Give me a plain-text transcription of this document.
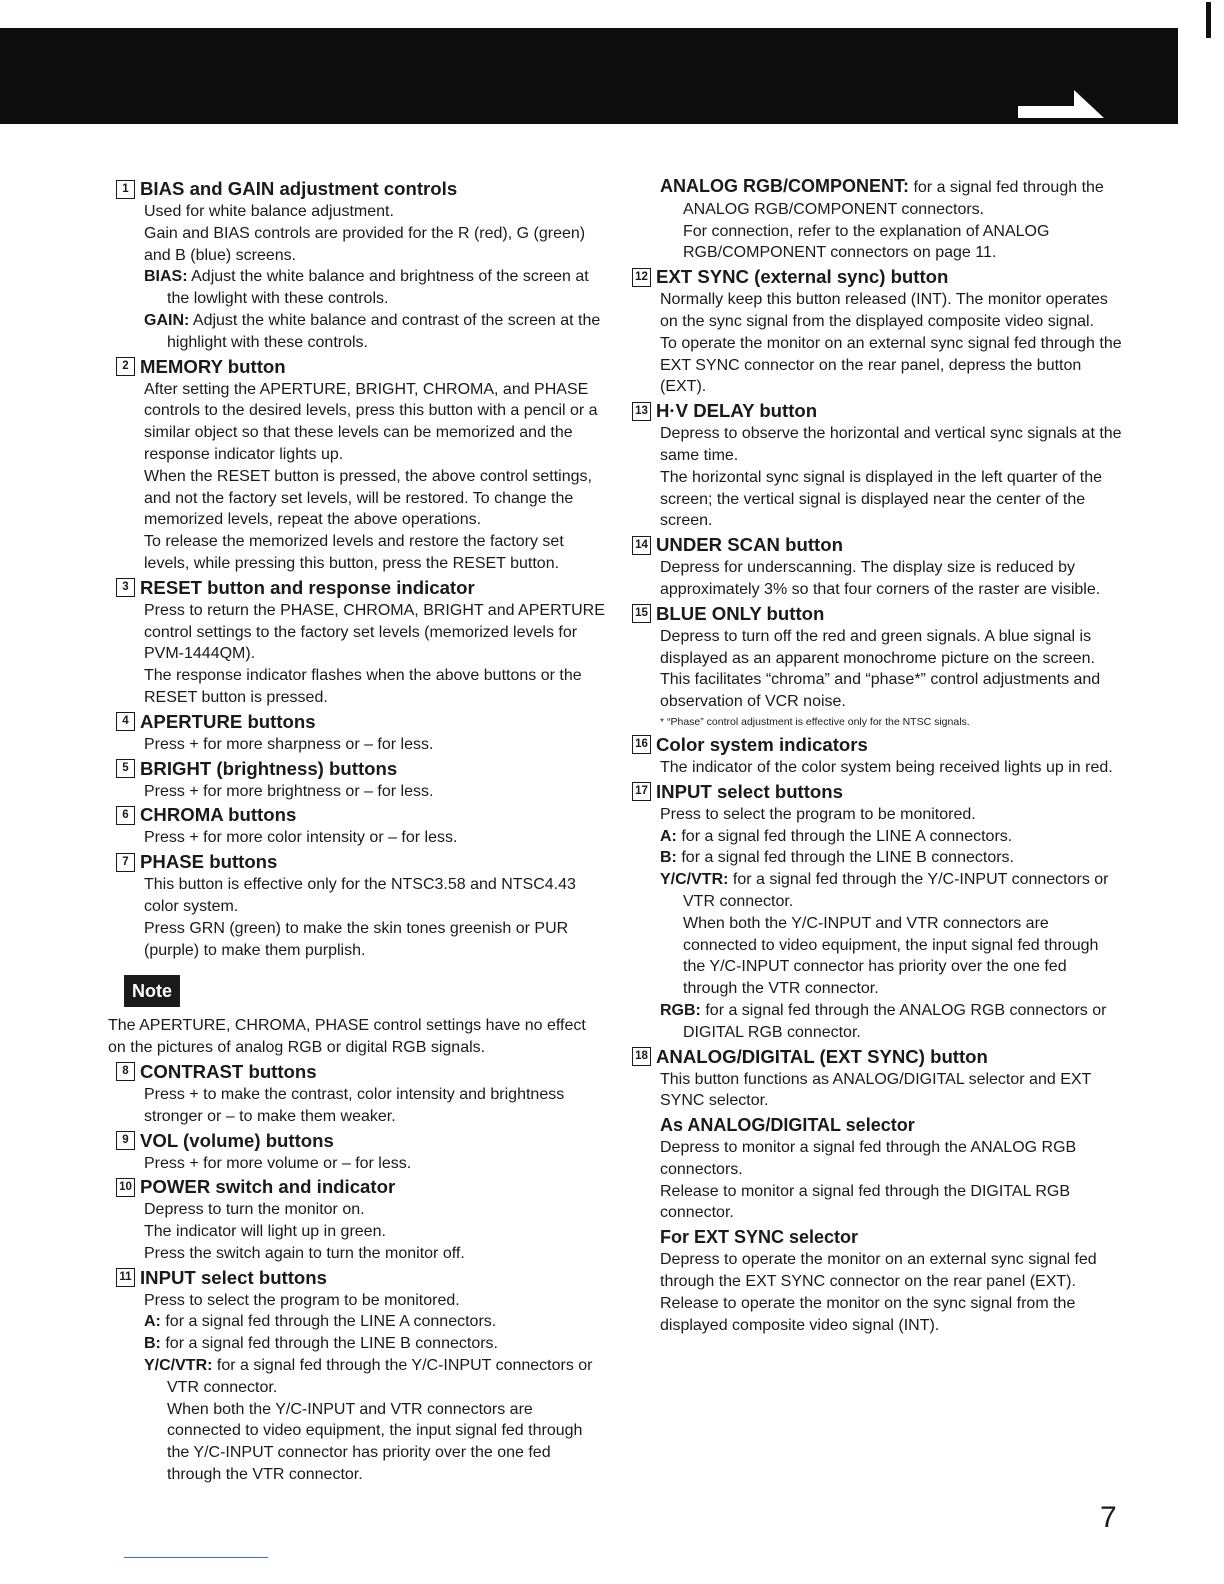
1 BIAS and GAIN adjustment controls

Used for white balance adjustment.

Gain and BIAS controls are provided for the R (red), G (green) and B (blue) screens.

BIAS: Adjust the white balance and brightness of the screen at the lowlight with these controls.

GAIN: Adjust the white balance and contrast of the screen at the highlight with these controls.

2 MEMORY button

After setting the APERTURE, BRIGHT, CHROMA, and PHASE controls to the desired levels, press this button with a pencil or a similar object so that these levels can be memorized and the response indicator lights up.

When the RESET button is pressed, the above control settings, and not the factory set levels, will be restored. To change the memorized levels, repeat the above operations.

To release the memorized levels and restore the factory set levels, while pressing this button, press the RESET button.

3 RESET button and response indicator

Press to return the PHASE, CHROMA, BRIGHT and APERTURE control settings to the factory set levels (memorized levels for PVM-1444QM).

The response indicator flashes when the above buttons or the RESET button is pressed.

4 APERTURE buttons

Press + for more sharpness or – for less.

5 BRIGHT (brightness) buttons

Press + for more brightness or – for less.

6 CHROMA buttons

Press + for more color intensity or – for less.

7 PHASE buttons

This button is effective only for the NTSC3.58 and NTSC4.43 color system.

Press GRN (green) to make the skin tones greenish or PUR (purple) to make them purplish.

Note

The APERTURE, CHROMA, PHASE control settings have no effect on the pictures of analog RGB or digital RGB signals.

8 CONTRAST buttons

Press + to make the contrast, color intensity and brightness stronger or – to make them weaker.

9 VOL (volume) buttons

Press + for more volume or – for less.

10 POWER switch and indicator

Depress to turn the monitor on.

The indicator will light up in green.

Press the switch again to turn the monitor off.

11 INPUT select buttons

Press to select the program to be monitored.

A: for a signal fed through the LINE A connectors.

B: for a signal fed through the LINE B connectors.

Y/C/VTR: for a signal fed through the Y/C-INPUT connectors or VTR connector.

When both the Y/C-INPUT and VTR connectors are connected to video equipment, the input signal fed through the Y/C-INPUT connector has priority over the one fed through the VTR connector.

ANALOG RGB/COMPONENT: for a signal fed through the ANALOG RGB/COMPONENT connectors.

For connection, refer to the explanation of ANALOG RGB/COMPONENT connectors on page 11.

12 EXT SYNC (external sync) button

Normally keep this button released (INT). The monitor operates on the sync signal from the displayed composite video signal.

To operate the monitor on an external sync signal fed through the EXT SYNC connector on the rear panel, depress the button (EXT).

13 H·V DELAY button

Depress to observe the horizontal and vertical sync signals at the same time.

The horizontal sync signal is displayed in the left quarter of the screen; the vertical signal is displayed near the center of the screen.

14 UNDER SCAN button

Depress for underscanning. The display size is reduced by approximately 3% so that four corners of the raster are visible.

15 BLUE ONLY button

Depress to turn off the red and green signals. A blue signal is displayed as an apparent monochrome picture on the screen. This facilitates “chroma” and “phase*” control adjustments and observation of VCR noise.

* “Phase” control adjustment is effective only for the NTSC signals.

16 Color system indicators

The indicator of the color system being received lights up in red.

17 INPUT select buttons

Press to select the program to be monitored.

A: for a signal fed through the LINE A connectors.

B: for a signal fed through the LINE B connectors.

Y/C/VTR: for a signal fed through the Y/C-INPUT connectors or VTR connector.

When both the Y/C-INPUT and VTR connectors are connected to video equipment, the input signal fed through the Y/C-INPUT connector has priority over the one fed through the VTR connector.

RGB: for a signal fed through the ANALOG RGB connectors or DIGITAL RGB connector.

18 ANALOG/DIGITAL (EXT SYNC) button

This button functions as ANALOG/DIGITAL selector and EXT SYNC selector.

As ANALOG/DIGITAL selector

Depress to monitor a signal fed through the ANALOG RGB connectors.

Release to monitor a signal fed through the DIGITAL RGB connector.

For EXT SYNC selector

Depress to operate the monitor on an external sync signal fed through the EXT SYNC connector on the rear panel (EXT).

Release to operate the monitor on the sync signal from the displayed composite video signal (INT).

7
